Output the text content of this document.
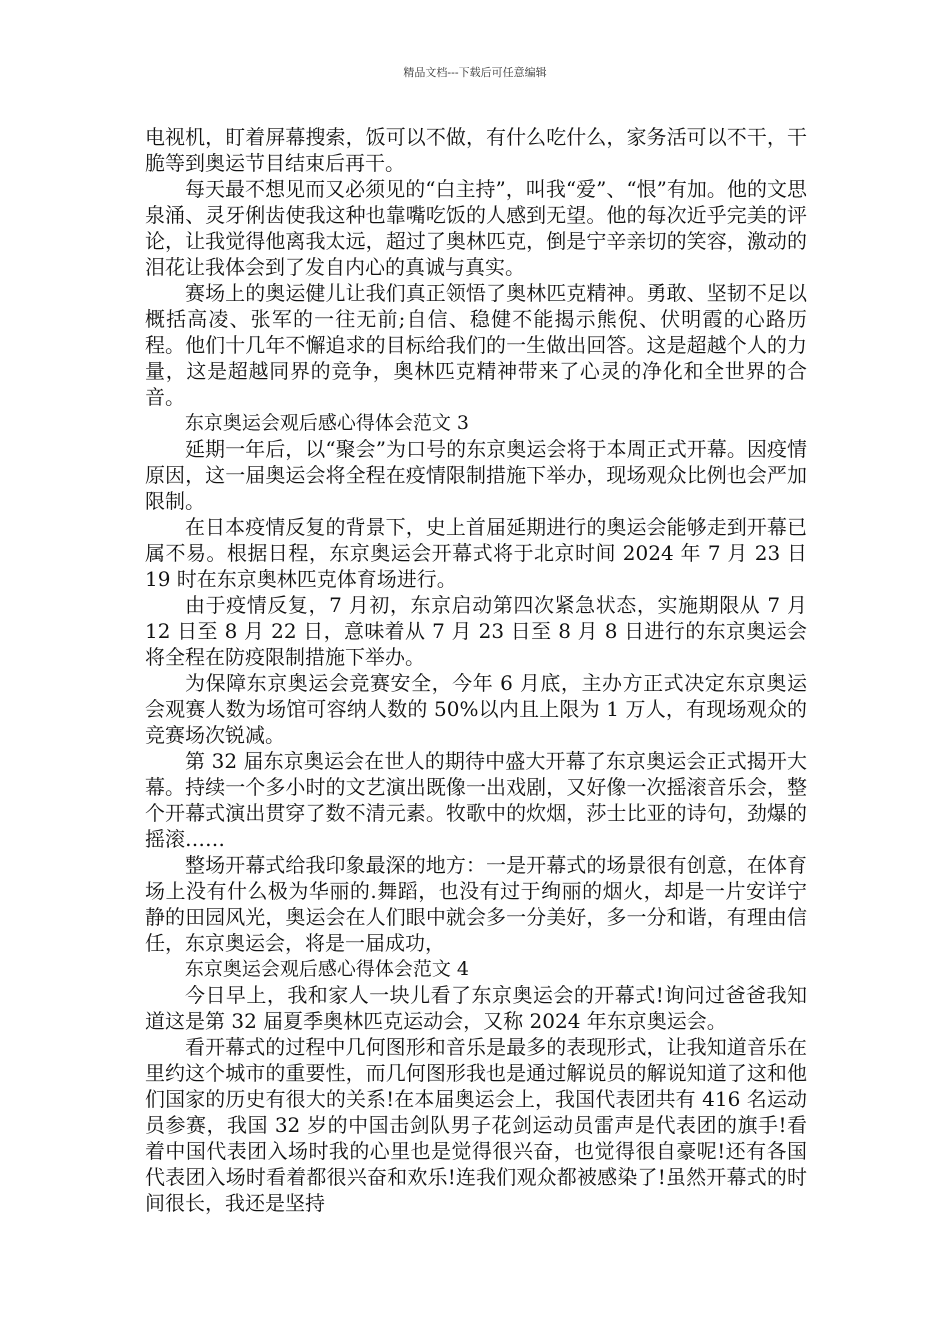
精品文档---下载后可任意编辑

电视机，盯着屏幕搜索，饭可以不做，有什么吃什么，家务活可以不干，干脆等到奥运节目结束后再干。

每天最不想见而又必须见的“白主持”，叫我“爱”、“恨”有加。他的文思泉涌、灵牙俐齿使我这种也靠嘴吃饭的人感到无望。他的每次近乎完美的评论，让我觉得他离我太远，超过了奥林匹克，倒是宁辛亲切的笑容，激动的泪花让我体会到了发自内心的真诚与真实。

赛场上的奥运健儿让我们真正领悟了奥林匹克精神。勇敢、坚韧不足以概括高凌、张军的一往无前;自信、稳健不能揭示熊倪、伏明霞的心路历程。他们十几年不懈追求的目标给我们的一生做出回答。这是超越个人的力量，这是超越同界的竞争，奥林匹克精神带来了心灵的净化和全世界的合音。

东京奥运会观后感心得体会范文 3

延期一年后，以“聚会”为口号的东京奥运会将于本周正式开幕。因疫情原因，这一届奥运会将全程在疫情限制措施下举办，现场观众比例也会严加限制。

在日本疫情反复的背景下，史上首届延期进行的奥运会能够走到开幕已属不易。根据日程，东京奥运会开幕式将于北京时间 2024 年 7 月 23 日 19 时在东京奥林匹克体育场进行。

由于疫情反复，7 月初，东京启动第四次紧急状态，实施期限从 7 月 12 日至 8 月 22 日，意味着从 7 月 23 日至 8 月 8 日进行的东京奥运会将全程在防疫限制措施下举办。

为保障东京奥运会竞赛安全，今年 6 月底，主办方正式决定东京奥运会观赛人数为场馆可容纳人数的 50%以内且上限为 1 万人，有现场观众的竞赛场次锐减。

第 32 届东京奥运会在世人的期待中盛大开幕了东京奥运会正式揭开大幕。持续一个多小时的文艺演出既像一出戏剧，又好像一次摇滚音乐会，整个开幕式演出贯穿了数不清元素。牧歌中的炊烟，莎士比亚的诗句，劲爆的摇滚……

整场开幕式给我印象最深的地方：一是开幕式的场景很有创意，在体育场上没有什么极为华丽的.舞蹈，也没有过于绚丽的烟火，却是一片安详宁静的田园风光，奥运会在人们眼中就会多一分美好，多一分和谐，有理由信任，东京奥运会，将是一届成功，

东京奥运会观后感心得体会范文 4

今日早上，我和家人一块儿看了东京奥运会的开幕式!询问过爸爸我知道这是第 32 届夏季奥林匹克运动会，又称 2024 年东京奥运会。

看开幕式的过程中几何图形和音乐是最多的表现形式，让我知道音乐在里约这个城市的重要性，而几何图形我也是通过解说员的解说知道了这和他们国家的历史有很大的关系!在本届奥运会上，我国代表团共有 416 名运动员参赛，我国 32 岁的中国击剑队男子花剑运动员雷声是代表团的旗手!看着中国代表团入场时我的心里也是觉得很兴奋，也觉得很自豪呢!还有各国代表团入场时看着都很兴奋和欢乐!连我们观众都被感染了!虽然开幕式的时间很长，我还是坚持
